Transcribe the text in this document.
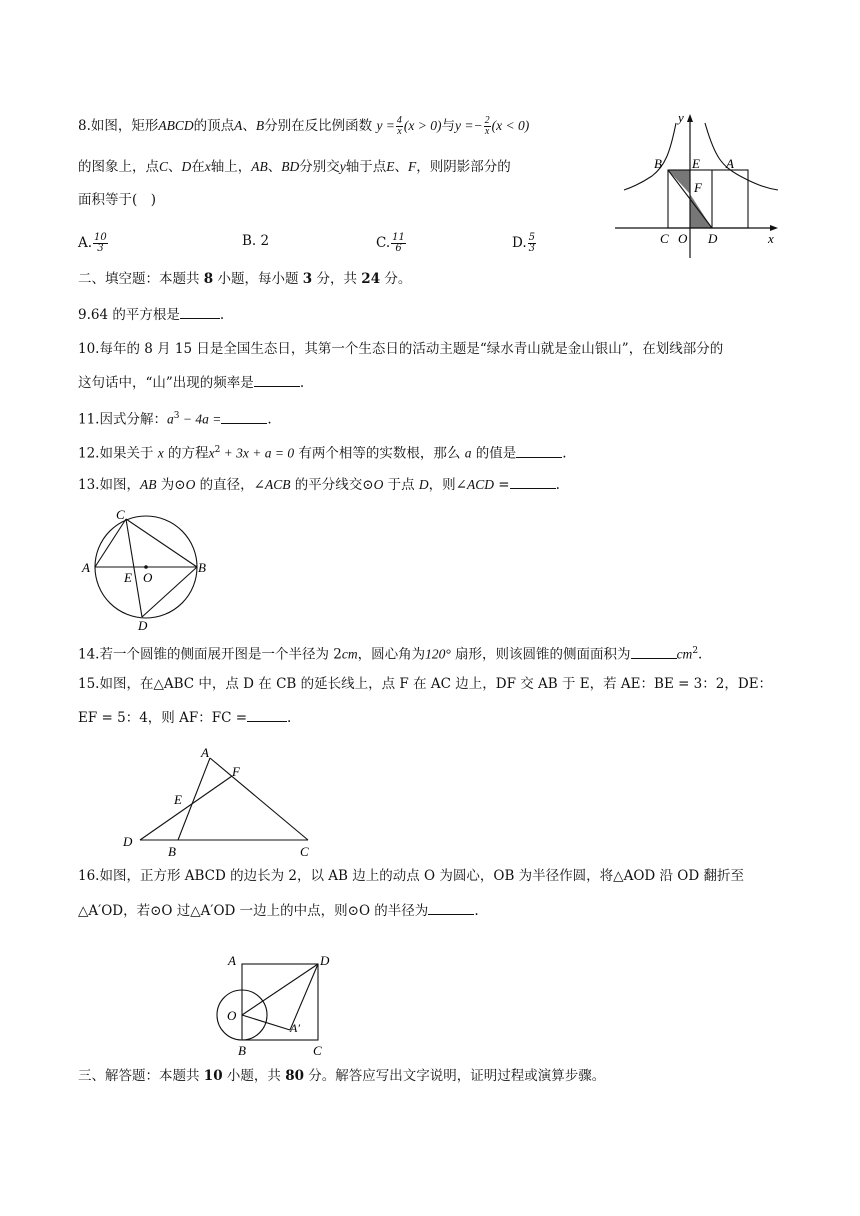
8.如图，矩形ABCD的顶点A、B分别在反比例函数 $y = \frac{4}{x} (x > 0)$与$y =- \frac{2}{x} (x < 0)$
的图象上，点C、D在x轴上，AB、BD分别交y轴于点E、F，则阴影部分的
面积等于(　)
A. $\frac{10}{3}$	B. 2	C. $\frac{11}{6}$	D. $\frac{5}{3}$
y
x
B E A
F
C O D
二、填空题：本题共 8 小题，每小题 3 分，共 24 分。
9.64 的平方根是	.
10.每年的 8 月 15 日是全国生态日，其第一个生态日的活动主题是“绿水青山就是金山银山”，在划线部分的
这句话中，“山”出现的频率是	.
11.因式分解：$a^3 - 4a$ =	.
12.如果关于 x 的方程$x^2 + 3x + a = 0$ 有两个相等的实数根，那么 a 的值是	.
13.如图，AB 为⊙O 的直径，∠ACB 的平分线交⊙O 于点 D，则∠ACD =	.
C
A
E O
B
D
14.若一个圆锥的侧面展开图是一个半径为 2cm，圆心角为120° 扇形，则该圆锥的侧面面积为	$cm^2$.
15.如图，在△ABC 中，点 D 在 CB 的延长线上，点 F 在 AC 边上，DF 交 AB 于 E，若 AE：BE = 3：2，DE：
EF = 5：4，则 AF：FC =	.
A
F
E
D
B	C
16.如图，正方形 ABCD 的边长为 2，以 AB 边上的动点 O 为圆心，OB 为半径作圆，将△AOD 沿 OD 翻折至
△A′OD，若⊙O 过△A′OD 一边上的中点，则⊙O 的半径为	.
A	D
O
A′
B	C
三、解答题：本题共 10 小题，共 80 分。解答应写出文字说明，证明过程或演算步骤。
